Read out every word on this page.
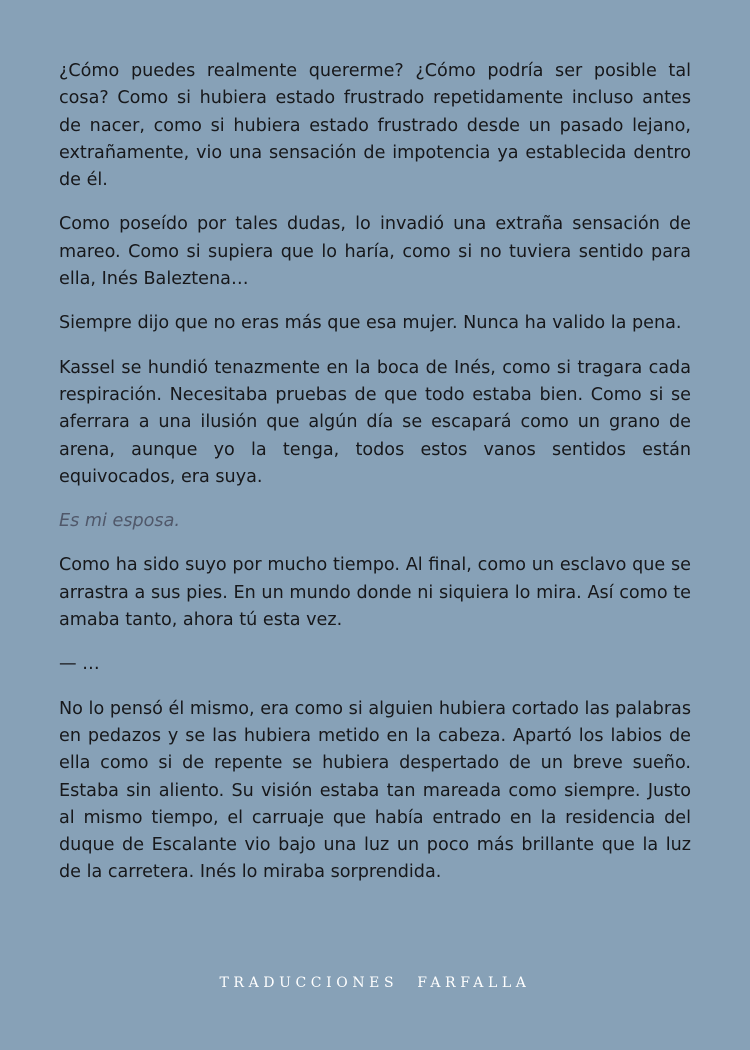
¿Cómo puedes realmente quererme? ¿Cómo podría ser posible tal cosa? Como si hubiera estado frustrado repetidamente incluso antes de nacer, como si hubiera estado frustrado desde un pasado lejano, extrañamente, vio una sensación de impotencia ya establecida dentro de él.

Como poseído por tales dudas, lo invadió una extraña sensación de mareo. Como si supiera que lo haría, como si no tuviera sentido para ella, Inés Baleztena…

Siempre dijo que no eras más que esa mujer. Nunca ha valido la pena.

Kassel se hundió tenazmente en la boca de Inés, como si tragara cada respiración. Necesitaba pruebas de que todo estaba bien. Como si se aferrara a una ilusión que algún día se escapará como un grano de arena, aunque yo la tenga, todos estos vanos sentidos están equivocados, era suya.

Es mi esposa.

Como ha sido suyo por mucho tiempo. Al final, como un esclavo que se arrastra a sus pies. En un mundo donde ni siquiera lo mira. Así como te amaba tanto, ahora tú esta vez.

— …

No lo pensó él mismo, era como si alguien hubiera cortado las palabras en pedazos y se las hubiera metido en la cabeza. Apartó los labios de ella como si de repente se hubiera despertado de un breve sueño. Estaba sin aliento. Su visión estaba tan mareada como siempre. Justo al mismo tiempo, el carruaje que había entrado en la residencia del duque de Escalante vio bajo una luz un poco más brillante que la luz de la carretera. Inés lo miraba sorprendida.

TRADUCCIONES FARFALLA
